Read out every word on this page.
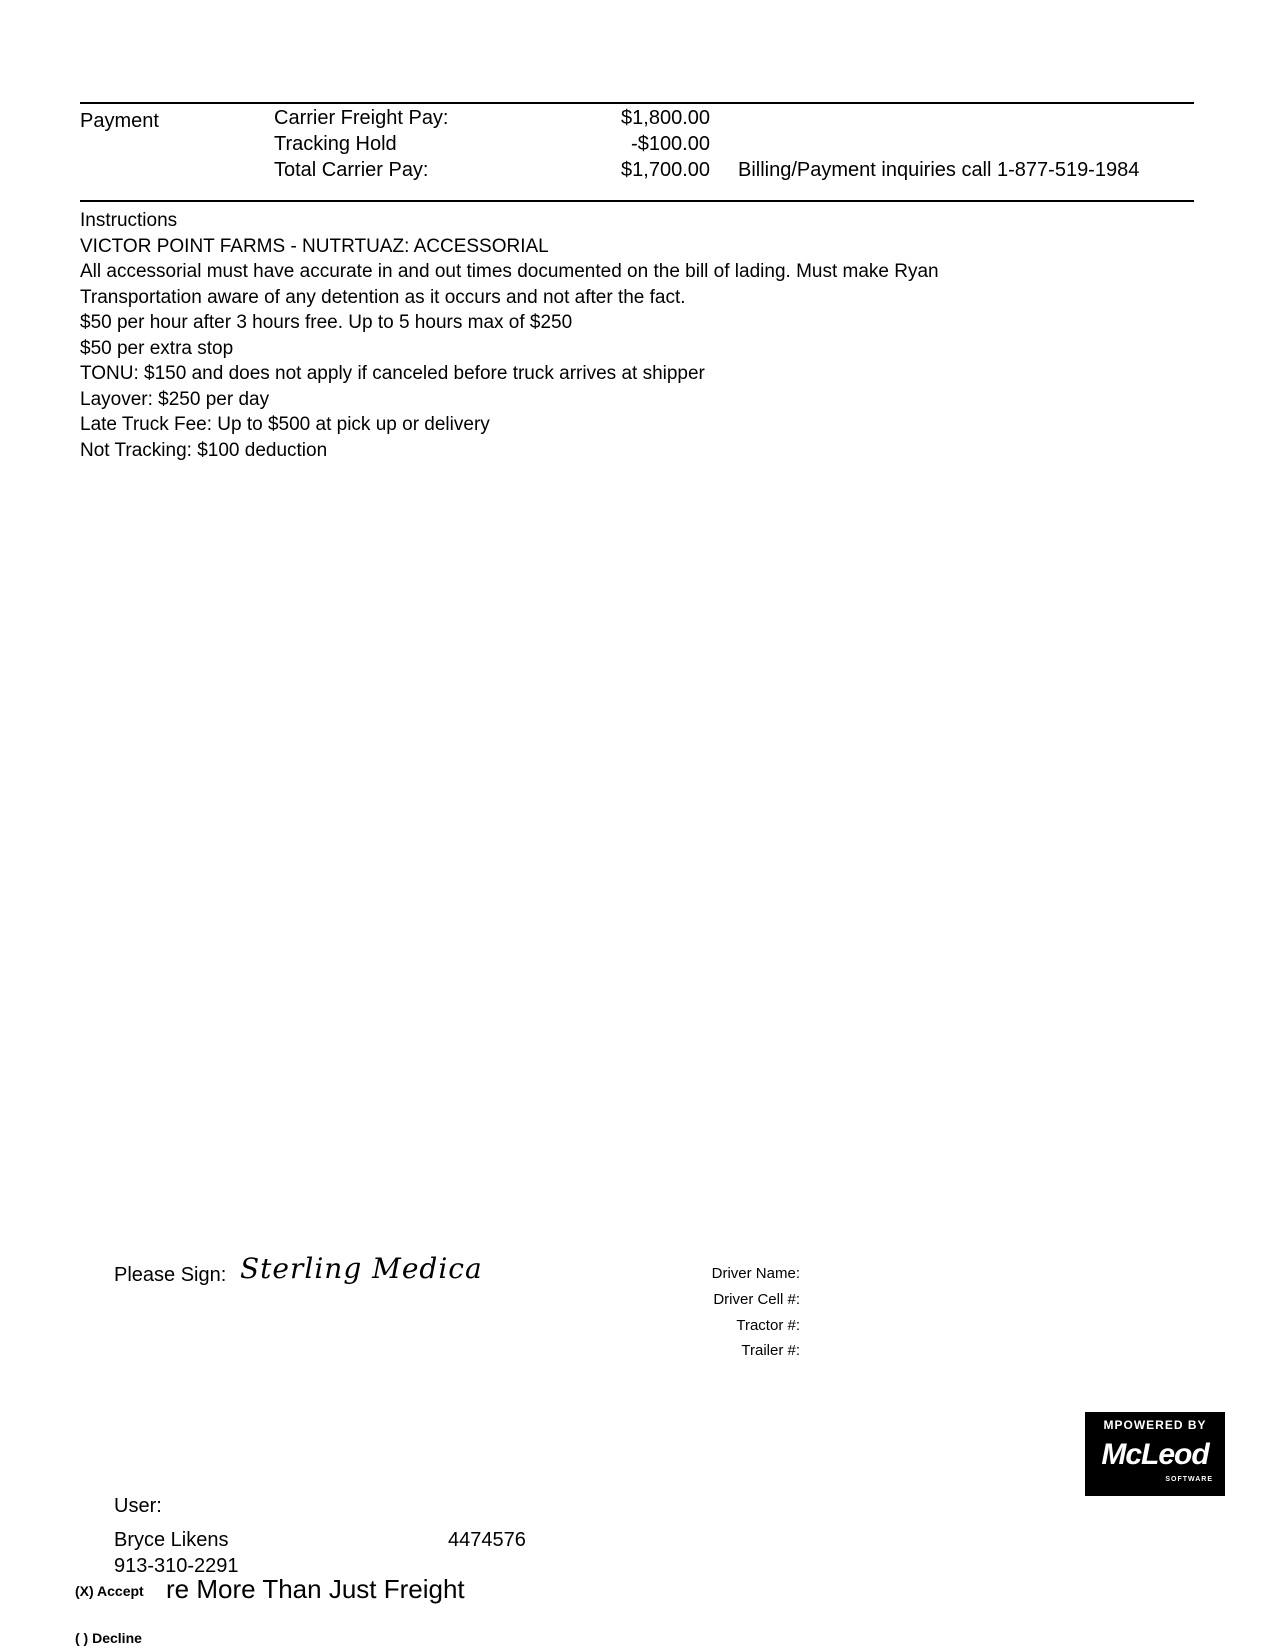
Payment	Carrier Freight Pay:	$1,800.00
Tracking Hold	-$100.00
Total Carrier Pay:	$1,700.00 Billing/Payment inquiries call 1-877-519-1984
Instructions
VICTOR POINT FARMS - NUTRTUAZ: ACCESSORIAL
All accessorial must have accurate in and out times documented on the bill of lading. Must make Ryan
Transportation aware of any detention as it occurs and not after the fact.
$50 per hour after 3 hours free. Up to 5 hours max of $250
$50 per extra stop
TONU: $150 and does not apply if canceled before truck arrives at shipper
Layover: $250 per day
Late Truck Fee: Up to $500 at pick up or delivery
Not Tracking: $100 deduction
Please Sign: Sterling Medica	Driver Name:
Driver Cell #:
Tractor #:
Trailer #:
MPOWERED BY
McLeod
SOFTWARE
User:
Bryce Likens	4474576
913-310-2291
(X) Accept re More Than Just Freight
( ) Decline
